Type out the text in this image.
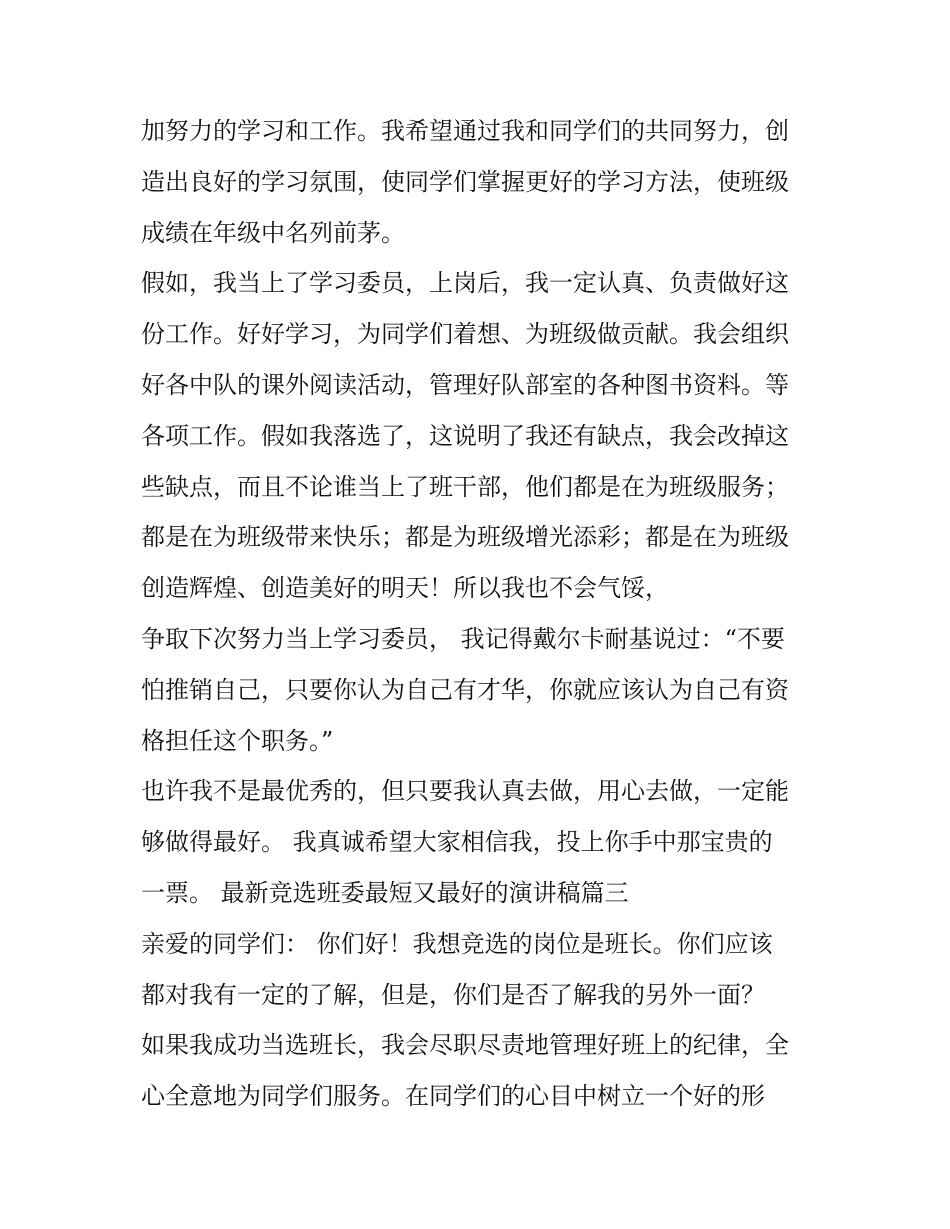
加努力的学习和工作。我希望通过我和同学们的共同努力，创
造出良好的学习氛围，使同学们掌握更好的学习方法，使班级
成绩在年级中名列前茅。
假如，我当上了学习委员，上岗后，我一定认真、负责做好这
份工作。好好学习，为同学们着想、为班级做贡献。我会组织
好各中队的课外阅读活动，管理好队部室的各种图书资料。等
各项工作。假如我落选了，这说明了我还有缺点，我会改掉这
些缺点，而且不论谁当上了班干部，他们都是在为班级服务；
都是在为班级带来快乐；都是为班级增光添彩；都是在为班级
创造辉煌、创造美好的明天！所以我也不会气馁，
争取下次努力当上学习委员， 我记得戴尔卡耐基说过：“不要
怕推销自己，只要你认为自己有才华，你就应该认为自己有资
格担任这个职务。”
也许我不是最优秀的，但只要我认真去做，用心去做，一定能
够做得最好。 我真诚希望大家相信我，投上你手中那宝贵的
一票。 最新竞选班委最短又最好的演讲稿篇三
亲爱的同学们： 你们好！我想竞选的岗位是班长。你们应该
都对我有一定的了解，但是，你们是否了解我的另外一面？
如果我成功当选班长，我会尽职尽责地管理好班上的纪律，全
心全意地为同学们服务。在同学们的心目中树立一个好的形
